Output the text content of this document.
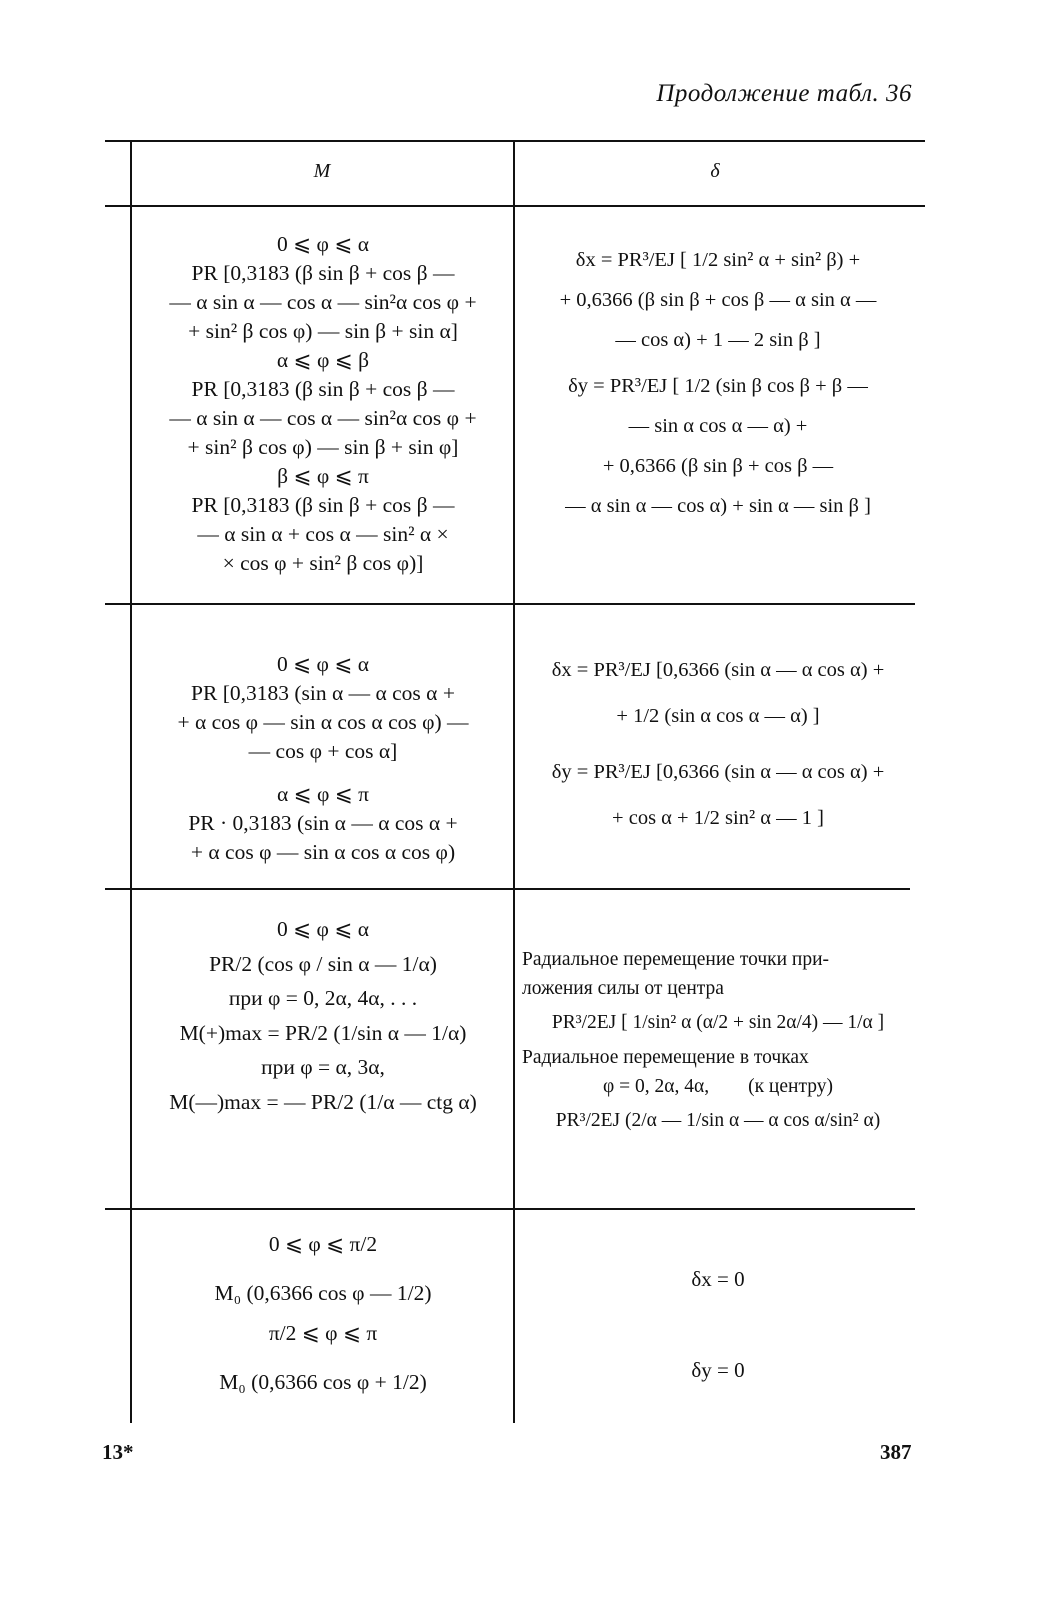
Продолжение табл. 36
M	δ
0 ⩽ φ ⩽ α
PR [0,3183 (β sin β + cos β —
— α sin α — cos α — sin²α cos φ +
+ sin² β cos φ) — sin β + sin α]
α ⩽ φ ⩽ β
PR [0,3183 (β sin β + cos β —
— α sin α — cos α — sin²α cos φ +
+ sin² β cos φ) — sin β + sin φ]
β ⩽ φ ⩽ π
PR [0,3183 (β sin β + cos β —
— α sin α + cos α — sin² α ×
× cos φ + sin² β cos φ)]
δx = PR³/EJ [ 1/2 sin² α + sin² β) +
+ 0,6366 (β sin β + cos β — α sin α —
— cos α) + 1 — 2 sin β ]
δy = PR³/EJ [ 1/2 (sin β cos β + β —
— sin α cos α — α) +
+ 0,6366 (β sin β + cos β —
— α sin α — cos α) + sin α — sin β ]
0 ⩽ φ ⩽ α
PR [0,3183 (sin α — α cos α +
+ α cos φ — sin α cos α cos φ) —
— cos φ + cos α]
α ⩽ φ ⩽ π
PR · 0,3183 (sin α — α cos α +
+ α cos φ — sin α cos α cos φ)
δx = PR³/EJ [0,6366 (sin α — α cos α) +
+ 1/2 (sin α cos α — α) ]
δy = PR³/EJ [0,6366 (sin α — α cos α) +
+ cos α + 1/2 sin² α — 1 ]
0 ⩽ φ ⩽ α
PR/2 (cos φ / sin α — 1/α)
при φ = 0, 2α, 4α, . . .
M(+)max = PR/2 (1/sin α — 1/α)
при φ = α, 3α,
M(—)max = — PR/2 (1/α — ctg α)
Радиальное перемещение точки при-
ложения силы от центра
PR³/2EJ [ 1/sin² α (α/2 + sin 2α/4) — 1/α ]
Радиальное перемещение в точках
φ = 0, 2α, 4α,        (к центру)
PR³/2EJ (2/α — 1/sin α — α cos α/sin² α)
0 ⩽ φ ⩽ π/2
M₀ (0,6366 cos φ — 1/2)
π/2 ⩽ φ ⩽ π
M₀ (0,6366 cos φ + 1/2)
δx = 0
δy = 0
13*	387
